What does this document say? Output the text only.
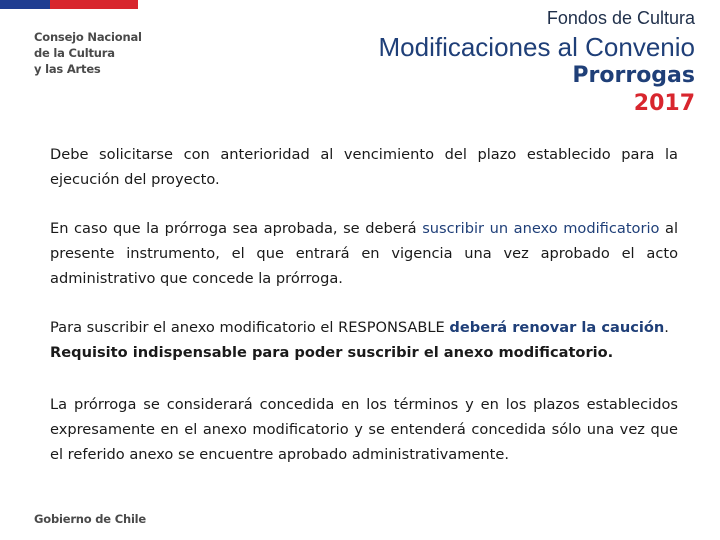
Consejo Nacional
de la Cultura
y las Artes
Fondos de Cultura
Modificaciones al Convenio
Prorrogas
2017

Debe solicitarse con anterioridad al vencimiento del plazo establecido para la ejecución del proyecto.

En caso que la prórroga sea aprobada, se deberá suscribir un anexo modificatorio al presente instrumento, el que entrará en vigencia una vez aprobado el acto administrativo que concede la prórroga.

Para suscribir el anexo modificatorio el RESPONSABLE deberá renovar la caución.
Requisito indispensable para poder suscribir el anexo modificatorio.

La prórroga se considerará concedida en los términos y en los plazos establecidos expresamente en el anexo modificatorio y se entenderá concedida sólo una vez que el referido anexo se encuentre aprobado administrativamente.

Gobierno de Chile
